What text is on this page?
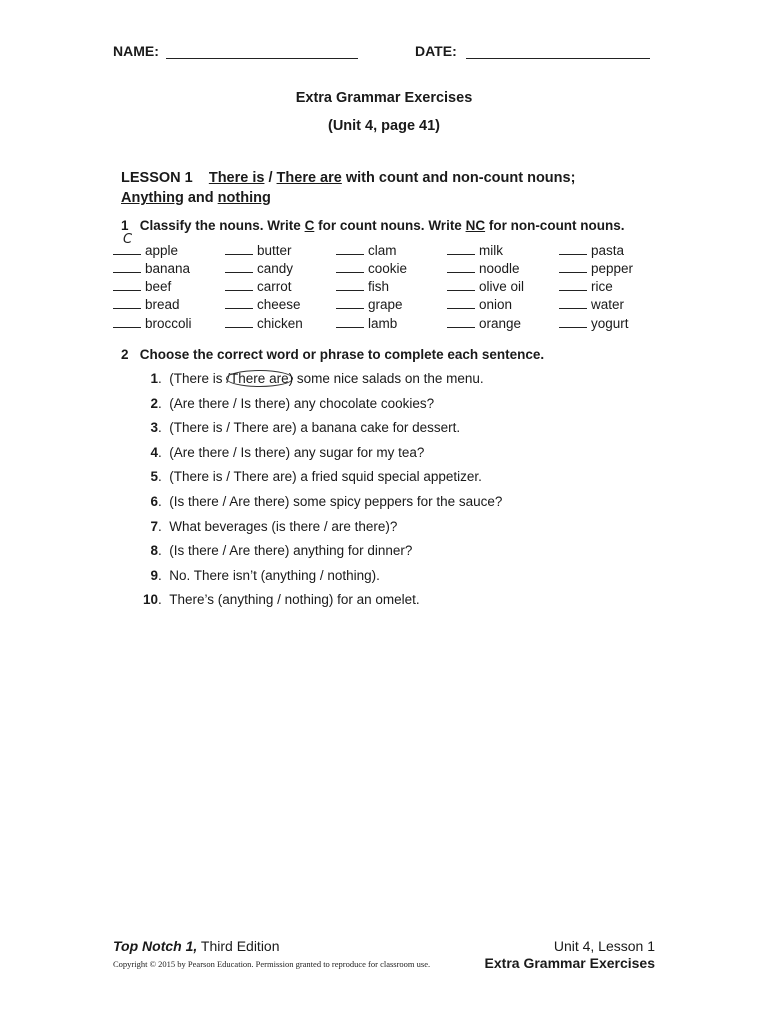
NAME:	DATE:
Extra Grammar Exercises
(Unit 4, page 41)
LESSON 1 There is / There are with count and non-count nouns;
Anything and nothing
1 Classify the nouns. Write C for count nouns. Write NC for non-count nouns.
C
apple
banana
beef
bread
broccoli
butter
candy
carrot
cheese
chicken
clam
cookie
fish
grape
lamb
milk
noodle
olive oil
onion
orange
pasta
pepper
rice
water
yogurt
2 Choose the correct word or phrase to complete each sentence.
1. (There is /There are) some nice salads on the menu.
2. (Are there / Is there) any chocolate cookies?
3. (There is / There are) a banana cake for dessert.
4. (Are there / Is there) any sugar for my tea?
5. (There is / There are) a fried squid special appetizer.
6. (Is there / Are there) some spicy peppers for the sauce?
7. What beverages (is there / are there)?
8. (Is there / Are there) anything for dinner?
9. No. There isn’t (anything / nothing).
10. There’s (anything / nothing) for an omelet.
Top Notch 1, Third Edition
Copyright © 2015 by Pearson Education. Permission granted to reproduce for classroom use.
Unit 4, Lesson 1
Extra Grammar Exercises
